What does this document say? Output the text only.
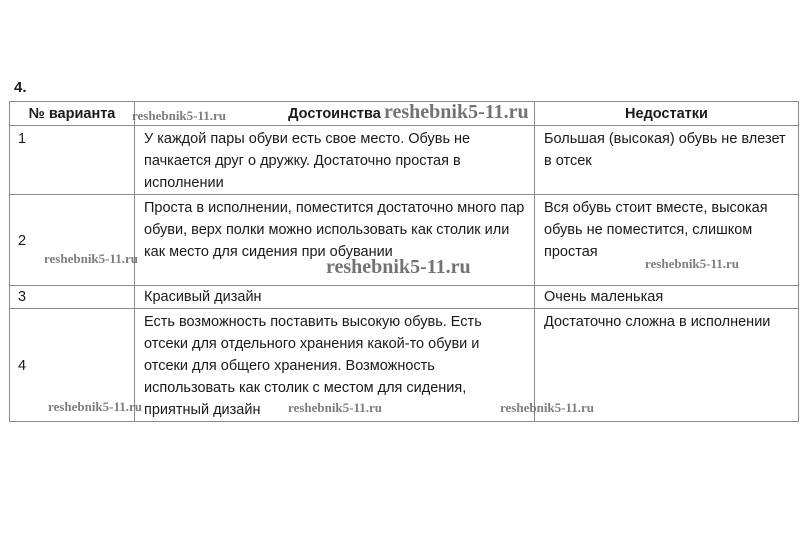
4.
№ варианта	Достоинства	Недостатки
1	У каждой пары обуви есть свое место. Обувь не пачкается друг о дружку. Достаточно простая в исполнении	Большая (высокая) обувь не влезет в отсек
2	Проста в исполнении, поместится достаточно много пар обуви, верх полки можно использовать как столик или как место для сидения при обувании	Вся обувь стоит вместе, высокая обувь не поместится, слишком простая
3	Красивый дизайн	Очень маленькая
4	Есть возможность поставить высокую обувь. Есть отсеки для отдельного хранения какой-то обуви и отсеки для общего хранения. Возможность использовать как столик с местом для сидения, приятный дизайн	Достаточно сложна в исполнении
reshebnik5-11.ru	reshebnik5-11.ru
reshebnik5-11.ru	reshebnik5-11.ru	reshebnik5-11.ru
reshebnik5-11.ru	reshebnik5-11.ru	reshebnik5-11.ru
